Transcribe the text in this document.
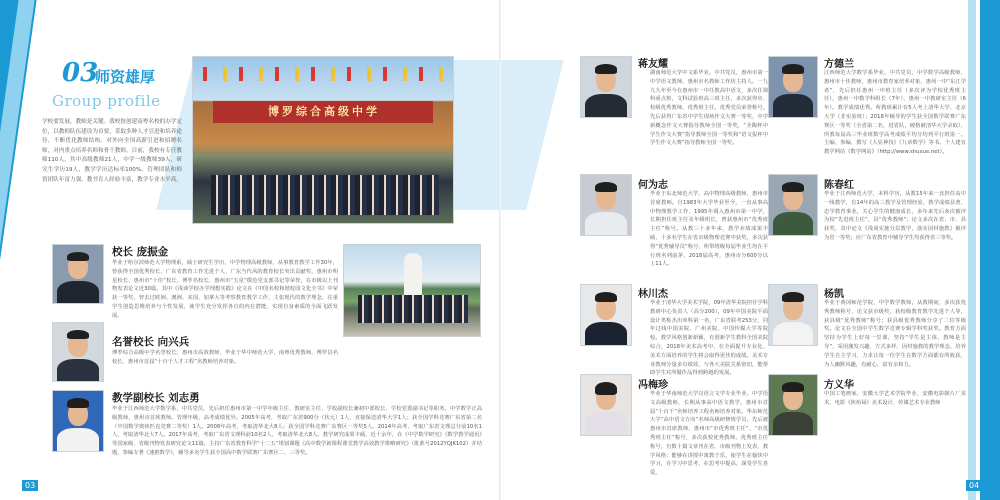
03
师资雄厚
Group profile
学校要发展，教师是关键。我校按创建南粤名校的办学定位，以教师队伍建设为首要，采取多种人才引进和培养途径，不断优化教师结构。对外向全国高薪引进和招聘名师，对内重点培养名师和骨干教师。目前，我校有专任教师110人，其中高级教师21人，中学一级教师39人，研究生学历19人，教学学历达标率100%。管理团队和师资团队年富力强，教书育人经验丰富，教学专业水平高。
博罗综合高级中学
校长 庞振金
毕业于哈尔滨师范大学物理系，硕士研究生学历，中学物理高级教师，从事教育教学工作30年，曾获得全国优秀校长、广东省教育工作先进个人、广东当代风的教育校长突出贡献奖、惠州市明星校长、惠州市“十佳”校长、博罗名校长、惠州市“五星”模范党支部书记等荣誉，在市级以上刊物发表论文近30篇，其中《浅谈学校办学理想实践》论文在《中国名校和谐校园文化全书》中荣获一等奖，曾去过欧洲、澳洲、美国、加拿大等考察教育教学工作，主张现代的教学理念，注重学生创造思维培养与个性发展，使学生充分发挥各自的内在潜能，实现自身素质的全面飞跃发展。
名誉校长 向兴兵
博罗综合高级中学名誉校长，惠州市高效教师，毕业于华中师范大学，南粤优秀教师，博罗县名校长，惠州市首届“十百千人才工程”名教师培养对象。
教学副校长 刘志勇
毕业于江西师范大学数学系，中共党员，先后担任惠州市第一中学年级主任、教研室主任、学校副校长兼初中部校长、学校党委副书记等职务。中学数学正高级教师，惠州市首席教师。管理年级，高考成绩优异。2005年高考，考取广东省900分（状元）1人，直接保送清华大学1人；获全国学科竞赛广东省第二名（中国数学奥林匹克竞赛二等奖）1人。2008年高考，考取清华北大8人；获全国学科竞赛广东赛区一等奖5人。2014年高考，考取广东省文理总分前10名1人，考取清华北大7人。2017年高考，考取广东省文理科前10名2人，考取清华北大8人。教学研究成果丰硕，近十余年，在《中学数学研究》《数学教学通讯》等国家级、省级刊物发表研究论文11篇，主持广东省教育科学“十二五”规划课题《高中数学新课程课堂教学高效教学策略研究》（批准号2012YQJK102）并结题，参编专著《速推数学》，辅导多名学生获全国高中数学联赛广东赛区二、三等奖。
蒋友耀
湖南师范大学中文系毕业，中共党员，惠州市第一中学语文教师，惠州市名教师工作坊主持人。一九九九年至今在惠州市一中任教高中语文，多次任课科重点班，文科试验班高三班主任，多次获得市、校级优秀教师、优秀班主任。优秀党员荣誉称号。先后获得广东省中学生现场作文大赛一等奖，中学新概念作文大赛指导教师全国一等奖，“圣陶杯中学生作文大赛”指导教师全国一等奖和“语文报杯中学生作文大赛”指导教师全国一等奖。
何为志
毕业于东北师范大学，高中物理高级教师，惠州市首席教师。自1983年大学毕业至今，一直从事高中物理教学工作，1995年调入惠州市第一中学，长期担任班主任及年级组长，曾获惠州市“优秀班主任”称号。从教三十多年来，教学业绩成果丰硕，十多名学生在省市级物理竞赛中获奖，多次获得“优秀辅导员”称号，所带班级每届毕业生均在平行班名列前茅，2018届高考，惠州市分600分以上11人。
林川杰
毕业于清华大学美术学院，09年清华美院担任学科教研中心负责人（高分200），09年中国美院平面设计类称杰出单科第一名，广东省联考253分，同年过线中国美院、广州美院、中国传媒大学等院校。教学风格创新新颖，有创新学生教科全国美院综合，2018年美术高考中，在全面提升专业化、美术方面培养的学生将会取得更佳的成绩。美术专业教师分量多有绩效，与各大美院关系密切，能帮助学生对所做作品得到跨越的发展。
冯梅珍
毕业于华南师范大学汉语言文学专业毕业，中学语文高级教师，长期从事高中语文教学，惠州市首届“十百千”名师培养工程名师培养对象。华东师范大学“高中语文方向”名师高级研修班学员，先后被惠州市首席教师、惠州市“市优秀班主任”、“市优秀班主任”称号，多次获校优秀教师、优秀班主任称号，有数十篇文章刊在省、市级刊物上发表，教学风格：能够在讲授中寓教于乐，使学生在愉快中学习，在学习中思考，在思考中提高，深受学生喜爱。
方德兰
江西师范大学数学系毕业，中共党员，中学数学高级教师，惠州市十佳教师，惠州市教育家培养对象，惠州一中“东江学者”，先后担任惠州一中班主任（多次评为学校优秀班主任），惠州一中数学科组长（7年），惠州一中教研室主任（6年）。教学成绩优秀。所教班累计有5人考上清华大学、北京大学（非实验班）；2018年辅导的学生获全国数学联赛广东赛区一等奖（全省第二名，进省队，破格被清华大学录取），所教每届高三毕业班数学高考成绩平均分均列平行班第一。主编、参编、撰写《大显神技》《九章数学》等书。个人建有教学网站《数学网站》（http://www.shuxue.net）。
陈春红
毕业于江西师范大学，本科学历，从教15年来一直担任高中一线教学，有14年的高三教学及管理经验，教学成绩显著，态学教育事业，关心学生的健康成长，多年来先后多次被评为校“先进班主任”，县“优秀教师”；论文多次在省、市、县获奖，其中论文《浅谈实施分层教学，落实因材施教》被评为省一等奖；应广东省教育中辅导学生均获得省三等奖。
杨凯
毕业于黄冈师范学院，中学数学教师，从教期间，多次获优秀教师称号，论文获市级奖，获校级教育教学先进个人等，获县级“优秀教师”称号；获县级优秀教师分享了二位等级奖。论文在全国中学生数学竞赛专辑学科奖获奖。教育方面坚持为学生上好每一堂课，坚持“学生是主体，教师是主导”，采用激发兴趣、方式多样、因材施教的教学理念，培养学生自主学习，力求让每一位学生在数学方面都有所收获，为人幽默风趣，有耐心，富有亲和力。
方义华
中国工笔画家，安徽大学艺术学院毕业，安徽电影制片厂美术，电影《焦裕禄》美术设计，传媒艺术专业教师
03	04
